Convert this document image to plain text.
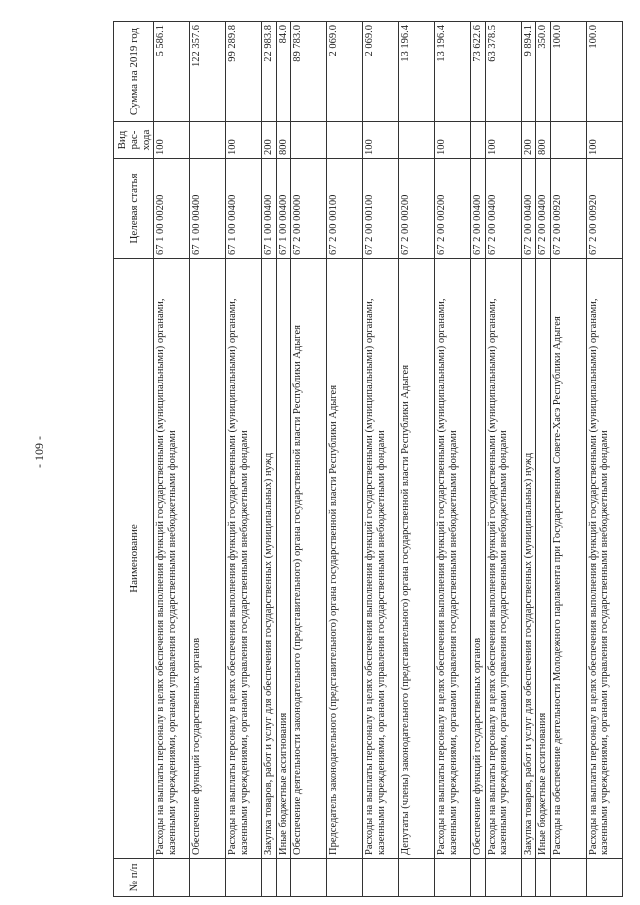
- 109 -
№ п/п	Наименование	Целевая статья	Вид рас- хода	Сумма на 2019 год
	Расходы на выплаты персоналу в целях обеспечения выполнения функций государственными (муниципальными) органами, казенными учреждениями, органами управления государственными внебюджетными фондами	67 1 00 00200	100	5 586.1
	Обеспечение функций государственных органов	67 1 00 00400		122 357.6
	Расходы на выплаты персоналу в целях обеспечения выполнения функций государственными (муниципальными) органами, казенными учреждениями, органами управления государственными внебюджетными фондами	67 1 00 00400	100	99 289.8
	Закупка товаров, работ и услуг для обеспечения государственных (муниципальных) нужд	67 1 00 00400	200	22 983.8
	Иные бюджетные ассигнования	67 1 00 00400	800	84.0
	Обеспечение деятельности законодательного (представительного) органа государственной власти Республики Адыгея	67 2 00 00000		89 783.0
	Председатель законодательного (представительного) органа государственной власти Республики Адыгея	67 2 00 00100		2 069.0
	Расходы на выплаты персоналу в целях обеспечения выполнения функций государственными (муниципальными) органами, казенными учреждениями, органами управления государственными внебюджетными фондами	67 2 00 00100	100	2 069.0
	Депутаты (члены) законодательного (представительного) органа государственной власти Республики Адыгея	67 2 00 00200		13 196.4
	Расходы на выплаты персоналу в целях обеспечения выполнения функций государственными (муниципальными) органами, казенными учреждениями, органами управления государственными внебюджетными фондами	67 2 00 00200	100	13 196.4
	Обеспечение функций государственных органов	67 2 00 00400		73 622.6
	Расходы на выплаты персоналу в целях обеспечения выполнения функций государственными (муниципальными) органами, казенными учреждениями, органами управления государственными внебюджетными фондами	67 2 00 00400	100	63 378.5
	Закупка товаров, работ и услуг для обеспечения государственных (муниципальных) нужд	67 2 00 00400	200	9 894.1
	Иные бюджетные ассигнования	67 2 00 00400	800	350.0
	Расходы на обеспечение деятельности Молодежного парламента при Государственном Совете-Хасэ Республики Адыгея	67 2 00 00920		100.0
	Расходы на выплаты персоналу в целях обеспечения выполнения функций государственными (муниципальными) органами, казенными учреждениями, органами управления государственными внебюджетными фондами	67 2 00 00920	100	100.0
